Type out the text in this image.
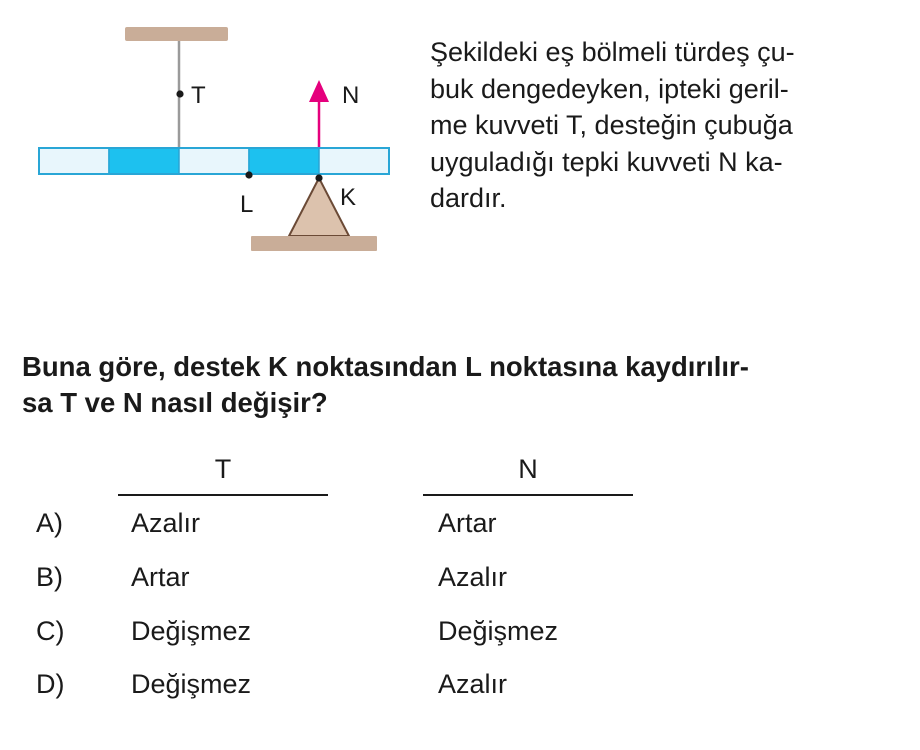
T	N
L	K
Şekildeki eş bölmeli türdeş çu-
buk dengedeyken, ipteki geril-
me kuvveti T, desteğin çubuğa
uyguladığı tepki kuvveti N ka-
dardır.
Buna göre, destek K noktasından L noktasına kaydırılır-
sa T ve N nasıl değişir?
T	N
A)	Azalır	Artar
B)	Artar	Azalır
C) Değişmez	Değişmez
D) Değişmez	Azalır
